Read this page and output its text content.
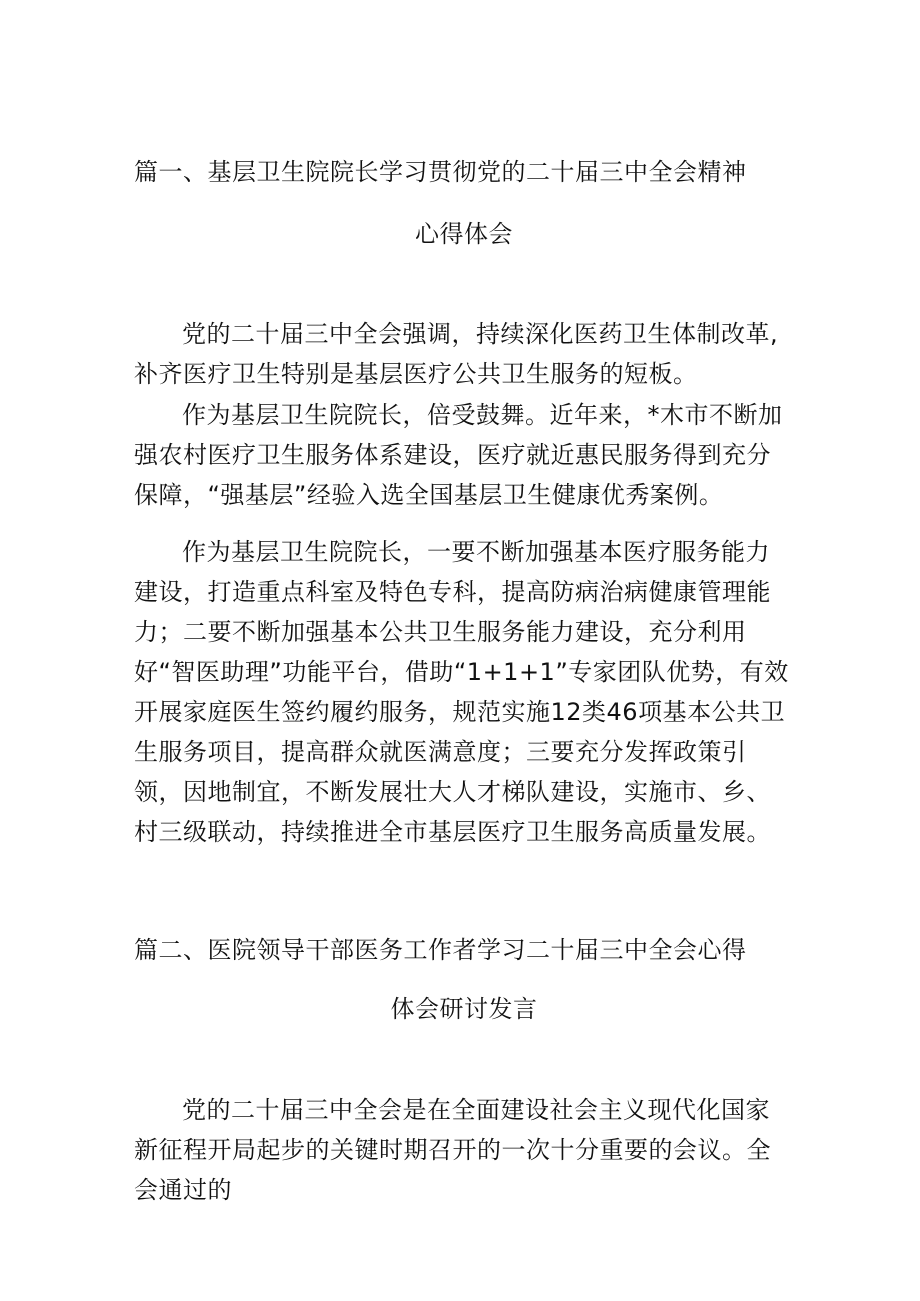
篇一、基层卫生院院长学习贯彻党的二十届三中全会精神
心得体会
党的二十届三中全会强调，持续深化医药卫生体制改革,补齐医疗卫生特别是基层医疗公共卫生服务的短板。
作为基层卫生院院长，倍受鼓舞。近年来，*木市不断加强农村医疗卫生服务体系建设，医疗就近惠民服务得到充分保障，“强基层”经验入选全国基层卫生健康优秀案例。
作为基层卫生院院长，一要不断加强基本医疗服务能力建设，打造重点科室及特色专科，提高防病治病健康管理能力；二要不断加强基本公共卫生服务能力建设，充分利用好“智医助理”功能平台，借助“1+1+1”专家团队优势，有效开展家庭医生签约履约服务，规范实施12类46项基本公共卫生服务项目，提高群众就医满意度；三要充分发挥政策引领，因地制宜，不断发展壮大人才梯队建设，实施市、乡、村三级联动，持续推进全市基层医疗卫生服务高质量发展。
篇二、医院领导干部医务工作者学习二十届三中全会心得
体会研讨发言
党的二十届三中全会是在全面建设社会主义现代化国家新征程开局起步的关键时期召开的一次十分重要的会议。全会通过的
